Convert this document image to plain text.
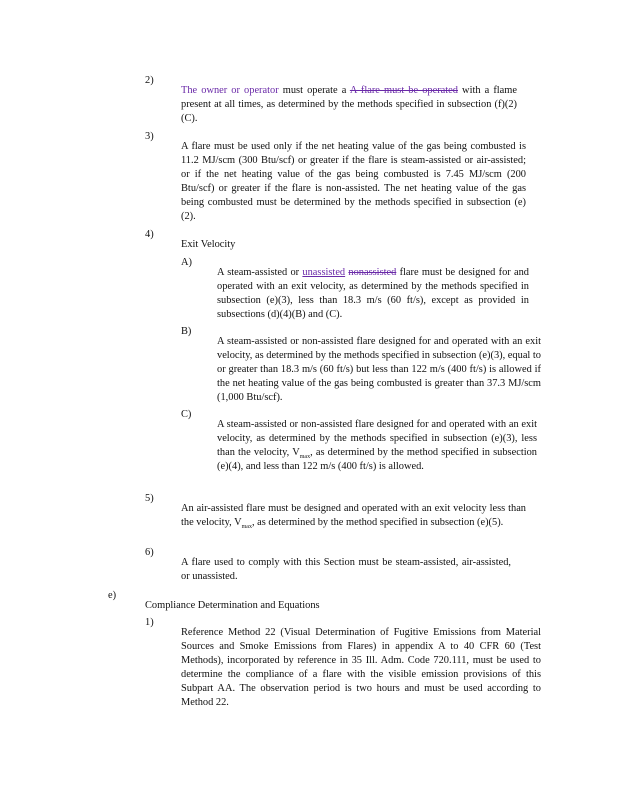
2)

The owner or operator must operate a A flare must be operated with a flame present at all times, as determined by the methods specified in subsection (f)(2)(C).

3)

A flare must be used only if the net heating value of the gas being combusted is 11.2 MJ/scm (300 Btu/scf) or greater if the flare is steam-assisted or air-assisted; or if the net heating value of the gas being combusted is 7.45 MJ/scm (200 Btu/scf) or greater if the flare is non-assisted. The net heating value of the gas being combusted must be determined by the methods specified in subsection (e)(2).

4)

Exit Velocity

A)

A steam-assisted or unassisted nonassisted flare must be designed for and operated with an exit velocity, as determined by the methods specified in subsection (e)(3), less than 18.3 m/s (60 ft/s), except as provided in subsections (d)(4)(B) and (C).

B)

A steam-assisted or non-assisted flare designed for and operated with an exit velocity, as determined by the methods specified in subsection (e)(3), equal to or greater than 18.3 m/s (60 ft/s) but less than 122 m/s (400 ft/s) is allowed if the net heating value of the gas being combusted is greater than 37.3 MJ/scm (1,000 Btu/scf).

C)

A steam-assisted or non-assisted flare designed for and operated with an exit velocity, as determined by the methods specified in subsection (e)(3), less than the velocity, $V_{max}$, as determined by the method specified in subsection (e)(4), and less than 122 m/s (400 ft/s) is allowed.

5)

An air-assisted flare must be designed and operated with an exit velocity less than the velocity, $V_{max}$, as determined by the method specified in subsection (e)(5).

6)

A flare used to comply with this Section must be steam-assisted, air-assisted, or unassisted.

e)

Compliance Determination and Equations

1)

Reference Method 22 (Visual Determination of Fugitive Emissions from Material Sources and Smoke Emissions from Flares) in appendix A to 40 CFR 60 (Test Methods), incorporated by reference in 35 Ill. Adm. Code 720.111, must be used to determine the compliance of a flare with the visible emission provisions of this Subpart AA. The observation period is two hours and must be used according to Method 22.
